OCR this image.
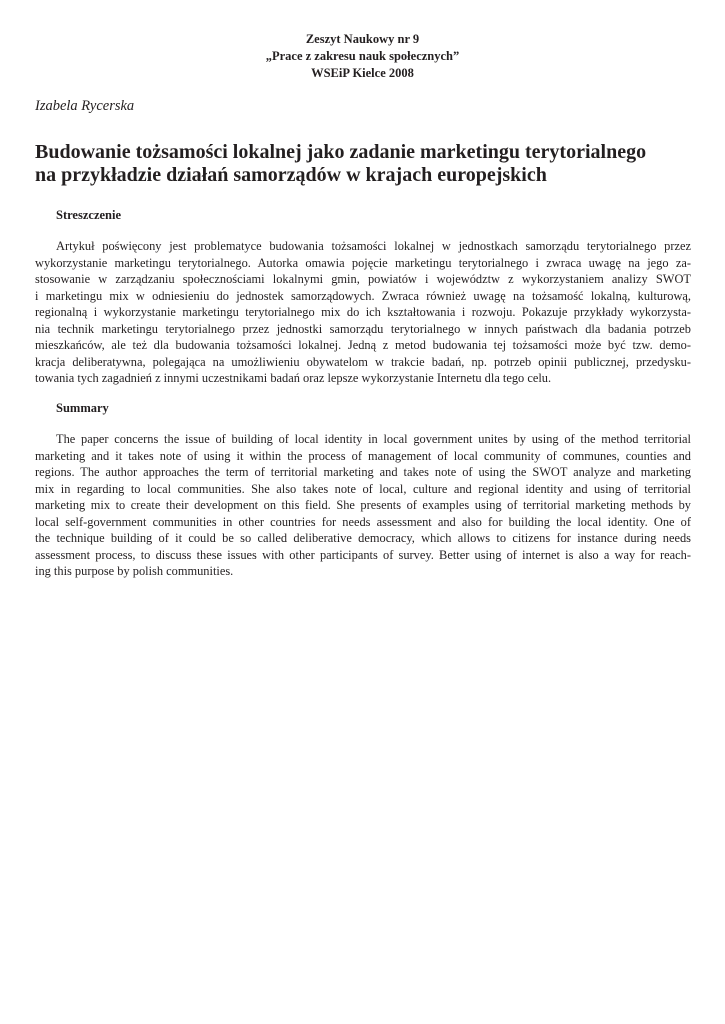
Zeszyt Naukowy nr 9
„Prace z zakresu nauk społecznych”
WSEiP Kielce 2008
Izabela Rycerska
Budowanie tożsamości lokalnej jako zadanie marketingu terytorialnego
na przykładzie działań samorządów w krajach europejskich
Streszczenie
Artykuł poświęcony jest problematyce budowania tożsamości lokalnej w jednostkach samorządu terytorialnego przez
wykorzystanie marketingu terytorialnego. Autorka omawia pojęcie marketingu terytorialnego i zwraca uwagę na jego za-
stosowanie w zarządzaniu społecznościami lokalnymi gmin, powiatów i województw z wykorzystaniem analizy SWOT
i marketingu mix w odniesieniu do jednostek samorządowych. Zwraca również uwagę na tożsamość lokalną, kulturową,
regionalną i wykorzystanie marketingu terytorialnego mix do ich kształtowania i rozwoju. Pokazuje przykłady wykorzysta-
nia technik marketingu terytorialnego przez jednostki samorządu terytorialnego w innych państwach dla badania potrzeb
mieszkańców, ale też dla budowania tożsamości lokalnej. Jedną z metod budowania tej tożsamości może być tzw. demo-
kracja deliberatywna, polegająca na umożliwieniu obywatelom w trakcie badań, np. potrzeb opinii publicznej, przedysku-
towania tych zagadnień z innymi uczestnikami badań oraz lepsze wykorzystanie Internetu dla tego celu.
Summary
The paper concerns the issue of building of local identity in local government unites by using of the method territorial
marketing and it takes note of using it within the process of management of local community of communes, counties and
regions. The author approaches the term of territorial marketing and takes note of using the SWOT analyze and marketing
mix in regarding to local communities. She also takes note of local, culture and regional identity and using of territorial
marketing mix to create their development on this field. She presents of examples using of territorial marketing methods by
local self-government communities in other countries for needs assessment and also for building the local identity. One of
the technique building of it could be so called deliberative democracy, which allows to citizens for instance during needs
assessment process, to discuss these issues with other participants of survey. Better using of internet is also a way for reach-
ing this purpose by polish communities.
